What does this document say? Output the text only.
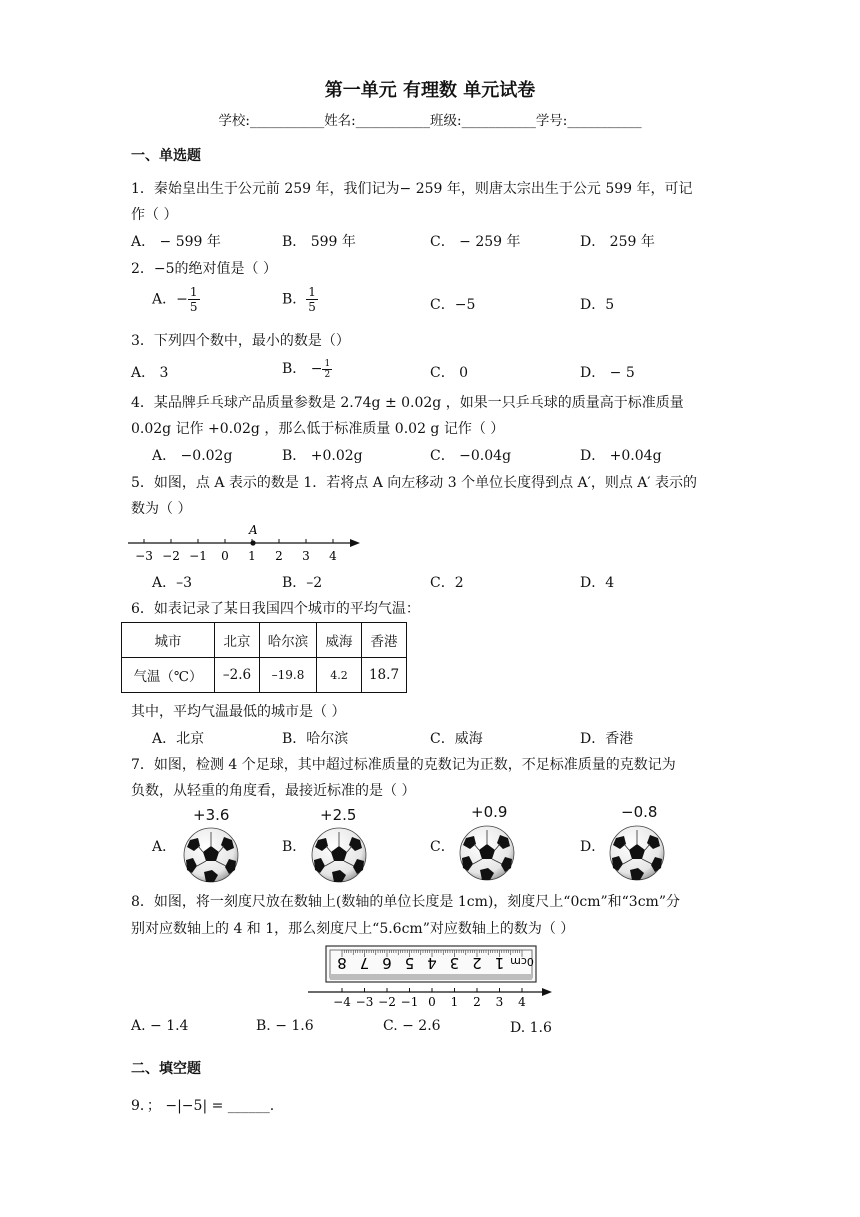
第一单元 有理数 单元试卷
学校:___________姓名:___________班级:___________学号:___________
一、单选题
1．秦始皇出生于公元前 259 年，我们记为− 259 年，则唐太宗出生于公元 599 年，可记
作（ ）
A． − 599 年	B． 599 年	C． − 259 年	D． 259 年
2．−5的绝对值是（ ）
A．− $\frac{1}{5}$	B． $\frac{1}{5}$	C．−5	D．5
3．下列四个数中，最小的数是（）
A． 3	B． − $\frac{1}{2}$	C． 0	D． − 5
4．某品牌乒乓球产品质量参数是 2.74g ± 0.02g ，如果一只乒乓球的质量高于标准质量
0.02g 记作 +0.02g ，那么低于标准质量 0.02 g 记作（ ）
A． −0.02g	B． +0.02g	C． −0.04g	D． +0.04g
5．如图，点 A 表示的数是 1．若将点 A 向左移动 3 个单位长度得到点 A′，则点 A′ 表示的
数为（ ）
−3 −2 −1 0 1 2 3 4
A
A．–3	B．–2	C．2	D．4
6．如表记录了某日我国四个城市的平均气温：
城市	北京	哈尔滨	威海	香港
气温（℃）	–2.6	–19.8	4.2	18.7
其中，平均气温最低的城市是（ ）
A．北京	B．哈尔滨	C．威海	D．香港
7．如图，检测 4 个足球，其中超过标准质量的克数记为正数，不足标准质量的克数记为
负数，从轻重的角度看，最接近标准的是（ ）
A．	B．	C．	D．
+3.6	+2.5	+0.9	−0.8
8．如图，将一刻度尺放在数轴上(数轴的单位长度是 1cm)，刻度尺上“0cm”和“3cm”分
别对应数轴上的 4 和 1，那么刻度尺上“5.6cm”对应数轴上的数为（ ）
0cm
1
2
3
4
5
6
7
8
−4 −3 −2 −1 0 1 2 3 4
A. − 1.4	B. − 1.6	C. − 2.6	D. 1.6
二、填空题
9．； −|−5| = ______.
